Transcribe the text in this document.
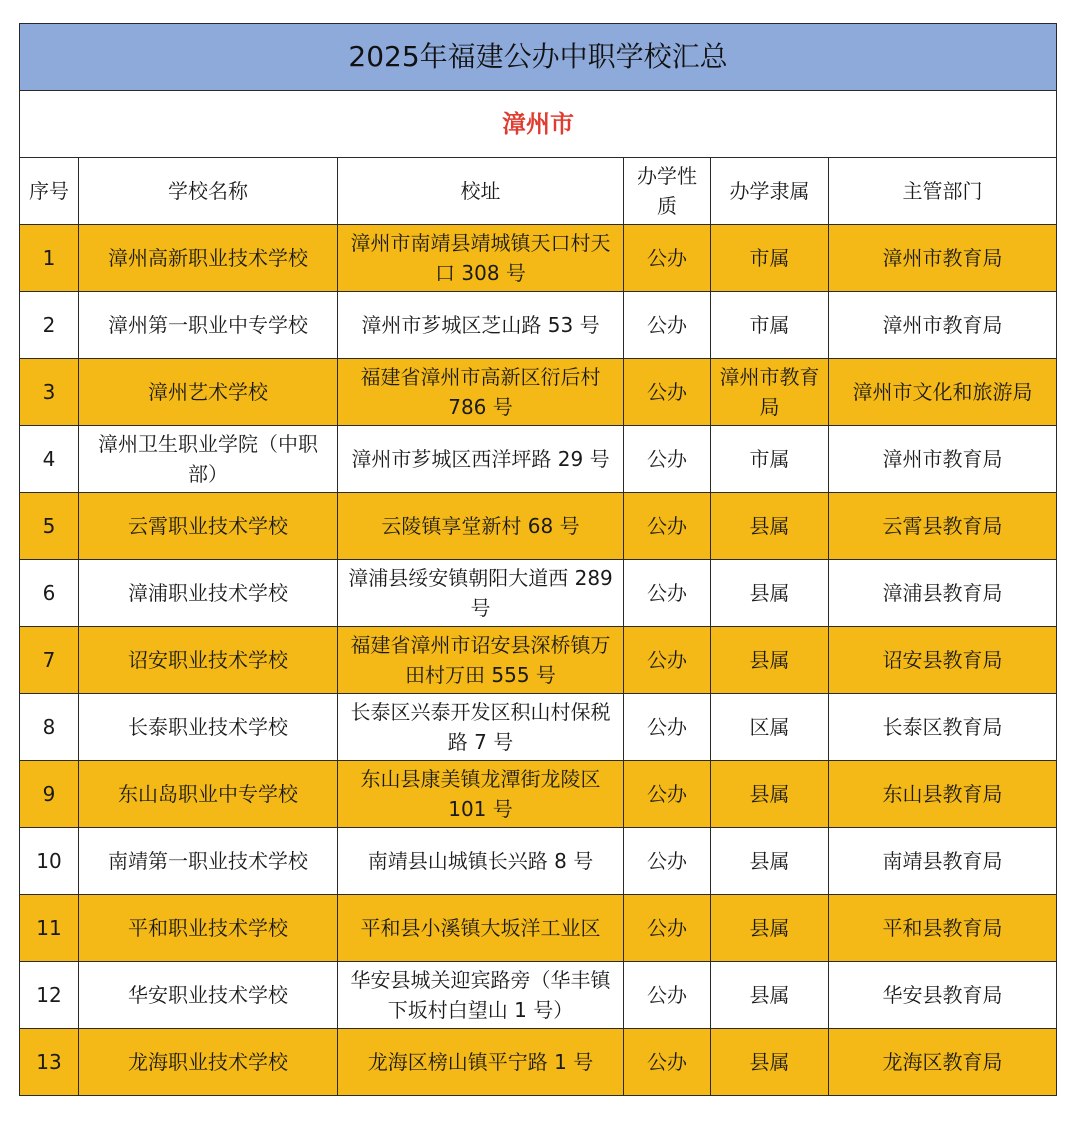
2025年福建公办中职学校汇总					
漳州市					
序号	学校名称	校址	办学性质	办学隶属	主管部门
1	漳州高新职业技术学校	漳州市南靖县靖城镇天口村天口 308 号	公办	市属	漳州市教育局
2	漳州第一职业中专学校	漳州市芗城区芝山路 53 号	公办	市属	漳州市教育局
3	漳州艺术学校	福建省漳州市高新区衍后村 786 号	公办	漳州市教育局	漳州市文化和旅游局
4	漳州卫生职业学院（中职部）	漳州市芗城区西洋坪路 29 号	公办	市属	漳州市教育局
5	云霄职业技术学校	云陵镇享堂新村 68 号	公办	县属	云霄县教育局
6	漳浦职业技术学校	漳浦县绥安镇朝阳大道西 289 号	公办	县属	漳浦县教育局
7	诏安职业技术学校	福建省漳州市诏安县深桥镇万田村万田 555 号	公办	县属	诏安县教育局
8	长泰职业技术学校	长泰区兴泰开发区积山村保税路 7 号	公办	区属	长泰区教育局
9	东山岛职业中专学校	东山县康美镇龙潭街龙陵区 101 号	公办	县属	东山县教育局
10	南靖第一职业技术学校	南靖县山城镇长兴路 8 号	公办	县属	南靖县教育局
11	平和职业技术学校	平和县小溪镇大坂洋工业区	公办	县属	平和县教育局
12	华安职业技术学校	华安县城关迎宾路旁（华丰镇下坂村白望山 1 号）	公办	县属	华安县教育局
13	龙海职业技术学校	龙海区榜山镇平宁路 1 号	公办	县属	龙海区教育局
